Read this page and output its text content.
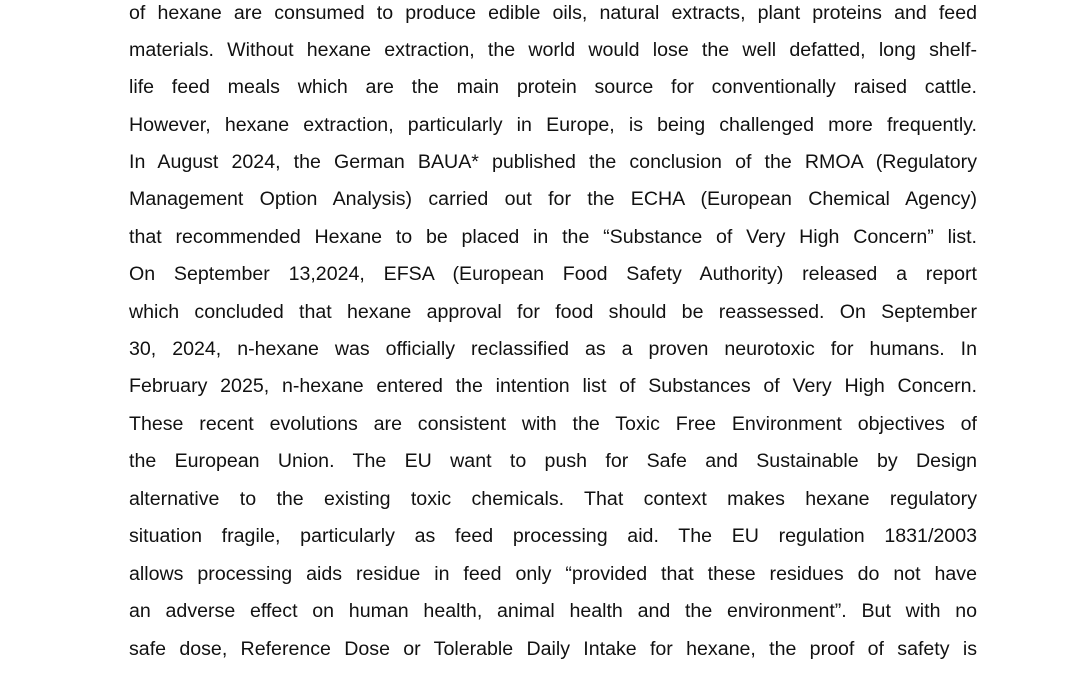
of hexane are consumed to produce edible oils, natural extracts, plant proteins and feed
materials. Without hexane extraction, the world would lose the well defatted, long shelf-
life feed meals which are the main protein source for conventionally raised cattle.
However, hexane extraction, particularly in Europe, is being challenged more frequently.
In August 2024, the German BAUA* published the conclusion of the RMOA (Regulatory
Management Option Analysis) carried out for the ECHA (European Chemical Agency)
that recommended Hexane to be placed in the “Substance of Very High Concern” list.
On September 13,2024, EFSA (European Food Safety Authority) released a report
which concluded that hexane approval for food should be reassessed. On September
30, 2024, n-hexane was officially reclassified as a proven neurotoxic for humans. In
February 2025, n-hexane entered the intention list of Substances of Very High Concern.
These recent evolutions are consistent with the Toxic Free Environment objectives of
the European Union. The EU want to push for Safe and Sustainable by Design
alternative to the existing toxic chemicals. That context makes hexane regulatory
situation fragile, particularly as feed processing aid. The EU regulation 1831/2003
allows processing aids residue in feed only “provided that these residues do not have
an adverse effect on human health, animal health and the environment”. But with no
safe dose, Reference Dose or Tolerable Daily Intake for hexane, the proof of safety is
